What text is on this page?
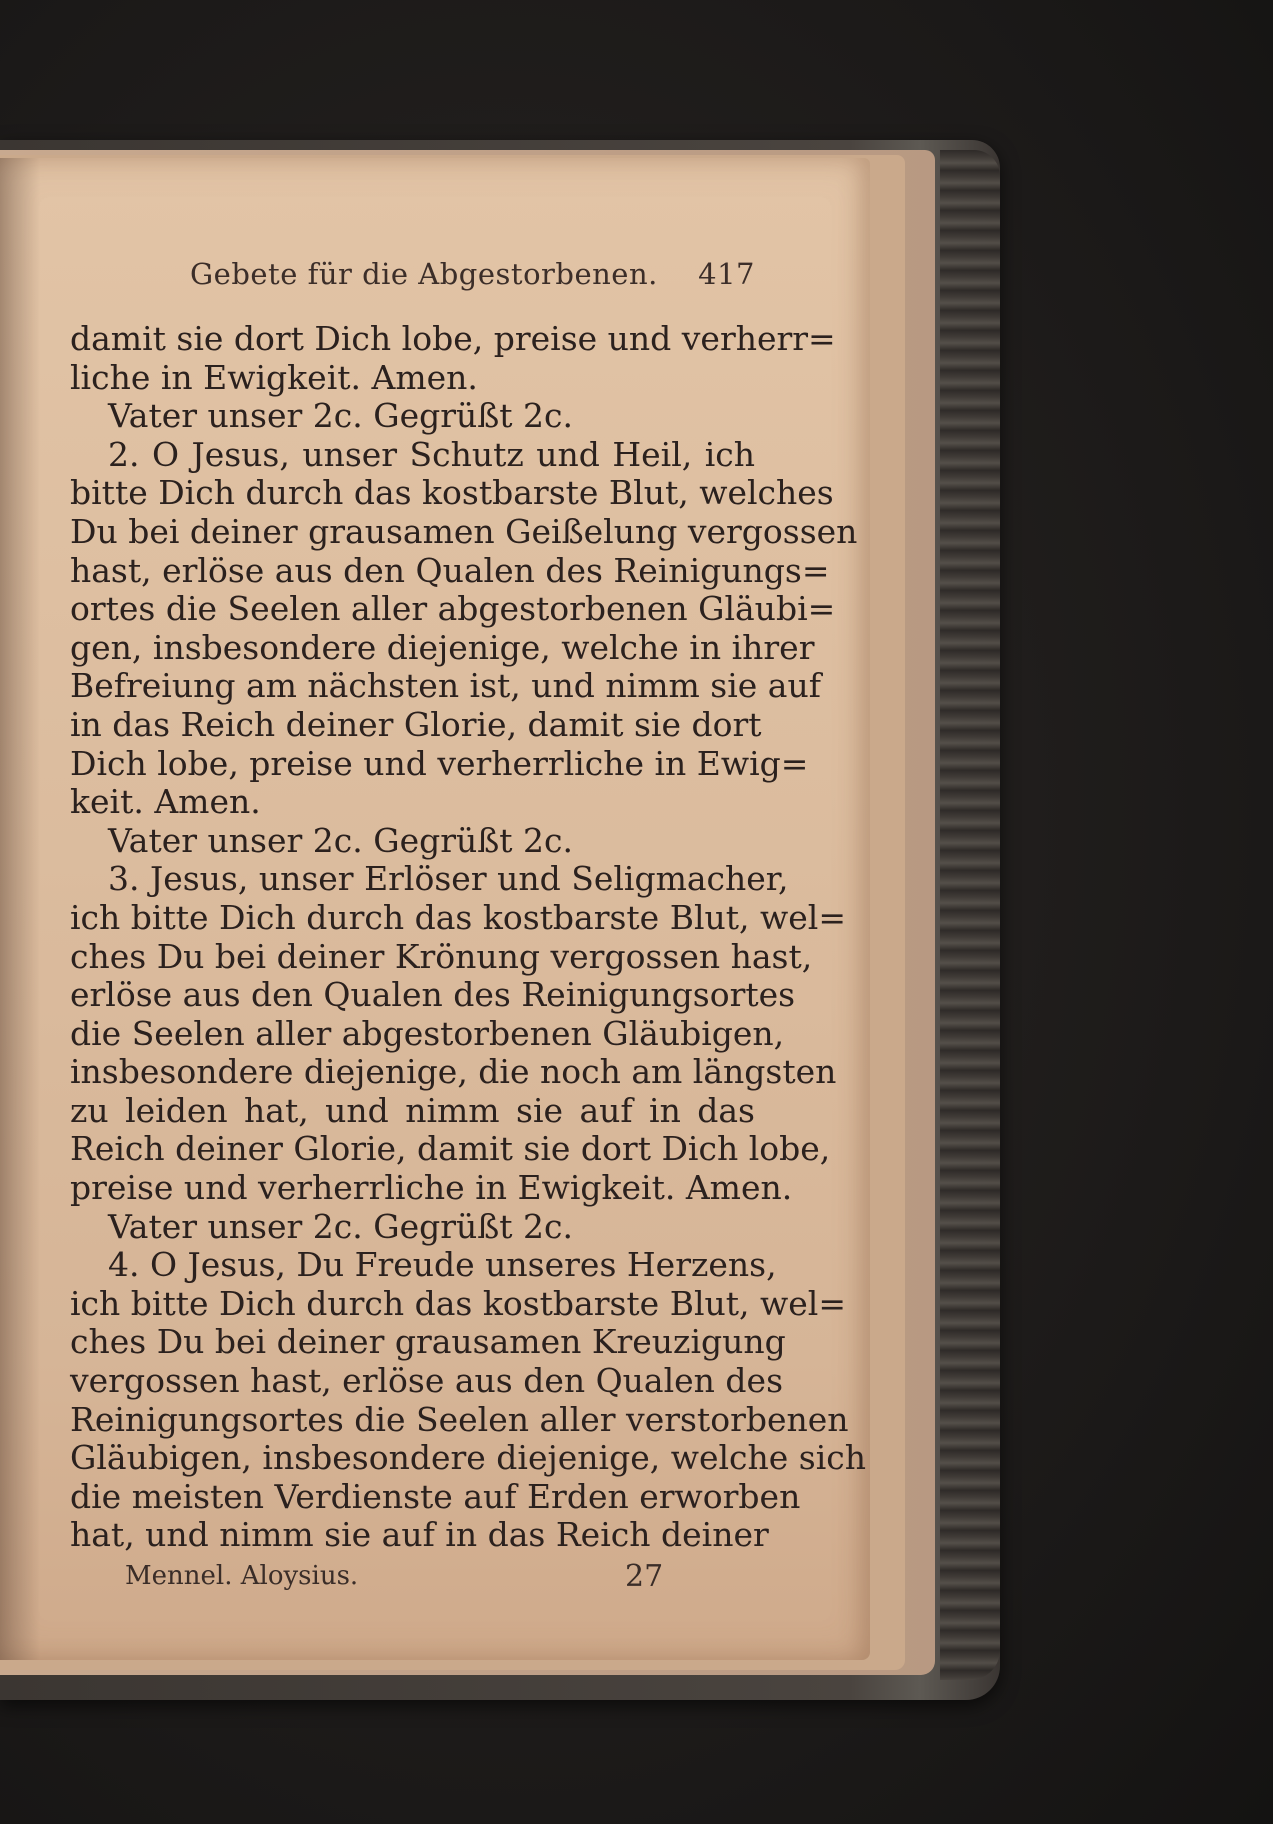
Gebete für die Abgestorbenen. 417
damit sie dort Dich lobe, preise und verherr=
liche in Ewigkeit. Amen.
Vater unser 2c. Gegrüßt 2c.
2. O Jesus, unser Schutz und Heil, ich
bitte Dich durch das kostbarste Blut, welches
Du bei deiner grausamen Geißelung vergossen
hast, erlöse aus den Qualen des Reinigungs=
ortes die Seelen aller abgestorbenen Gläubi=
gen, insbesondere diejenige, welche in ihrer
Befreiung am nächsten ist, und nimm sie auf
in das Reich deiner Glorie, damit sie dort
Dich lobe, preise und verherrliche in Ewig=
keit. Amen.
Vater unser 2c. Gegrüßt 2c.
3. Jesus, unser Erlöser und Seligmacher,
ich bitte Dich durch das kostbarste Blut, wel=
ches Du bei deiner Krönung vergossen hast,
erlöse aus den Qualen des Reinigungsortes
die Seelen aller abgestorbenen Gläubigen,
insbesondere diejenige, die noch am längsten
zu leiden hat, und nimm sie auf in das
Reich deiner Glorie, damit sie dort Dich lobe,
preise und verherrliche in Ewigkeit. Amen.
Vater unser 2c. Gegrüßt 2c.
4. O Jesus, Du Freude unseres Herzens,
ich bitte Dich durch das kostbarste Blut, wel=
ches Du bei deiner grausamen Kreuzigung
vergossen hast, erlöse aus den Qualen des
Reinigungsortes die Seelen aller verstorbenen
Gläubigen, insbesondere diejenige, welche sich
die meisten Verdienste auf Erden erworben
hat, und nimm sie auf in das Reich deiner
Mennel. Aloysius.	27
